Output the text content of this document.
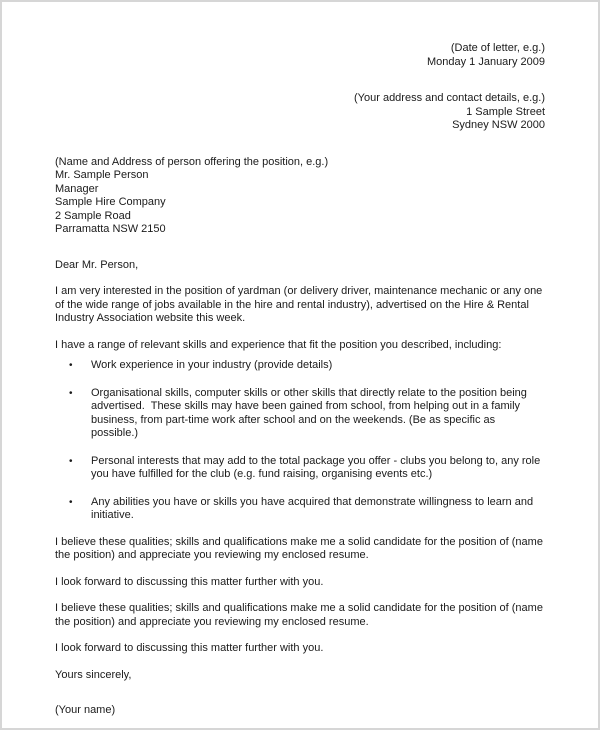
(Date of letter, e.g.)
Monday 1 January 2009
(Your address and contact details, e.g.)
1 Sample Street
Sydney NSW 2000
(Name and Address of person offering the position, e.g.)
Mr. Sample Person
Manager
Sample Hire Company
2 Sample Road
Parramatta NSW 2150

Dear Mr. Person,

I am very interested in the position of yardman (or delivery driver, maintenance mechanic or any one of the wide range of jobs available in the hire and rental industry), advertised on the Hire & Rental Industry Association website this week.

I have a range of relevant skills and experience that fit the position you described, including:

•	Work experience in your industry (provide details)
•	Organisational skills, computer skills or other skills that directly relate to the position being advertised.  These skills may have been gained from school, from helping out in a family business, from part-time work after school and on the weekends. (Be as specific as possible.)
•	Personal interests that may add to the total package you offer - clubs you belong to, any role you have fulfilled for the club (e.g. fund raising, organising events etc.)
•	Any abilities you have or skills you have acquired that demonstrate willingness to learn and initiative.

I believe these qualities; skills and qualifications make me a solid candidate for the position of (name the position) and appreciate you reviewing my enclosed resume.

I look forward to discussing this matter further with you.

I believe these qualities; skills and qualifications make me a solid candidate for the position of (name the position) and appreciate you reviewing my enclosed resume.

I look forward to discussing this matter further with you.

Yours sincerely,

(Your name)
